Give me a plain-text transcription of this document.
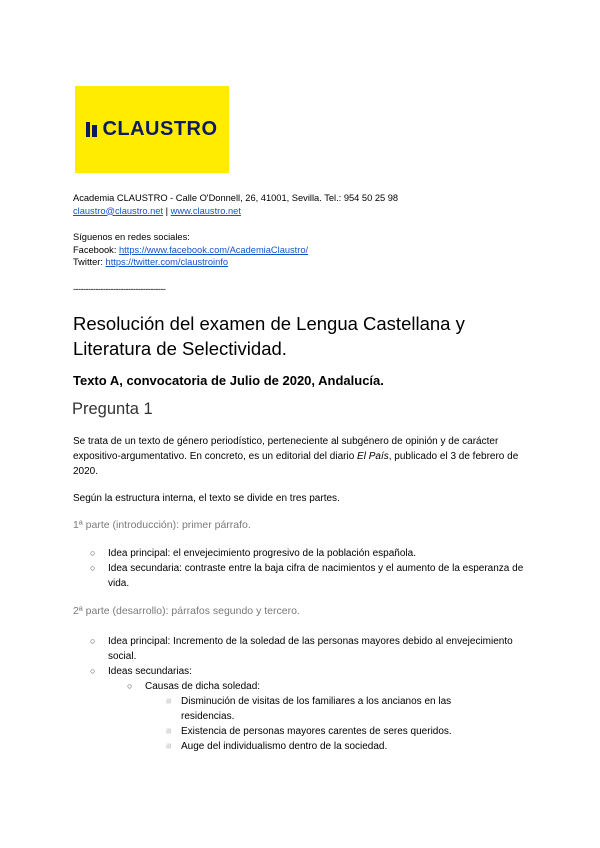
CLAUSTRO
Academia CLAUSTRO - Calle O'Donnell, 26, 41001, Sevilla. Tel.: 954 50 25 98
claustro@claustro.net | www.claustro.net
Síguenos en redes sociales:
Facebook: https://www.facebook.com/AcademiaClaustro/
Twitter: https://twitter.com/claustroinfo
-------------------------------------
Resolución del examen de Lengua Castellana y Literatura de Selectividad.
Texto A, convocatoria de Julio de 2020, Andalucía.
Pregunta 1
Se trata de un texto de género periodístico, perteneciente al subgénero de opinión y de carácter expositivo-argumentativo. En concreto, es un editorial del diario El País, publicado el 3 de febrero de 2020.
Según la estructura interna, el texto se divide en tres partes.
1ª parte (introducción): primer párrafo.
○ Idea principal: el envejecimiento progresivo de la población española.
○ Idea secundaria: contraste entre la baja cifra de nacimientos y el aumento de la esperanza de vida.
2ª parte (desarrollo): párrafos segundo y tercero.
○ Idea principal: Incremento de la soledad de las personas mayores debido al envejecimiento social.
○ Ideas secundarias:
○ Causas de dicha soledad:
◽ Disminución de visitas de los familiares a los ancianos en las residencias.
◽ Existencia de personas mayores carentes de seres queridos.
◽ Auge del individualismo dentro de la sociedad.
